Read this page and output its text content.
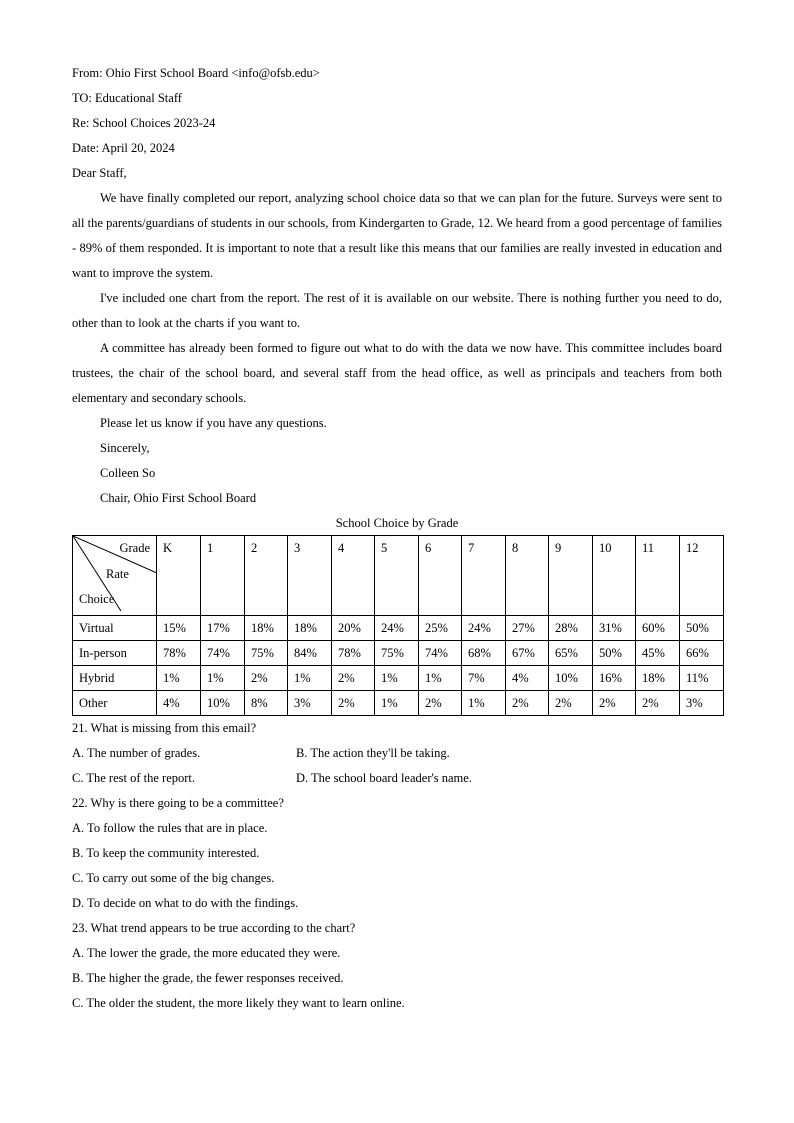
From: Ohio First School Board <info@ofsb.edu>
TO: Educational Staff
Re: School Choices 2023-24
Date: April 20, 2024
Dear Staff,
We have finally completed our report, analyzing school choice data so that we can plan for the future. Surveys were sent to all the parents/guardians of students in our schools, from Kindergarten to Grade, 12. We heard from a good percentage of families - 89% of them responded. It is important to note that a result like this means that our families are really invested in education and want to improve the system.
I've included one chart from the report. The rest of it is available on our website. There is nothing further you need to do, other than to look at the charts if you want to.
A committee has already been formed to figure out what to do with the data we now have. This committee includes board trustees, the chair of the school board, and several staff from the head office, as well as principals and teachers from both elementary and secondary schools.
Please let us know if you have any questions.
Sincerely,
Colleen So
Chair, Ohio First School Board
School Choice by Grade
Grade
Rate
Choice	K	1	2	3	4	5	6	7	8	9	10	11	12
Virtual	15%	17%	18%	18%	20%	24%	25%	24%	27%	28%	31%	60%	50%
In-person	78%	74%	75%	84%	78%	75%	74%	68%	67%	65%	50%	45%	66%
Hybrid	1%	1%	2%	1%	2%	1%	1%	7%	4%	10%	16%	18%	11%
Other	4%	10%	8%	3%	2%	1%	2%	1%	2%	2%	2%	2%	3%
21. What is missing from this email?
A. The number of grades.	B. The action they'll be taking.
C. The rest of the report.	D. The school board leader's name.
22. Why is there going to be a committee?
A. To follow the rules that are in place.
B. To keep the community interested.
C. To carry out some of the big changes.
D. To decide on what to do with the findings.
23. What trend appears to be true according to the chart?
A. The lower the grade, the more educated they were.
B. The higher the grade, the fewer responses received.
C. The older the student, the more likely they want to learn online.
